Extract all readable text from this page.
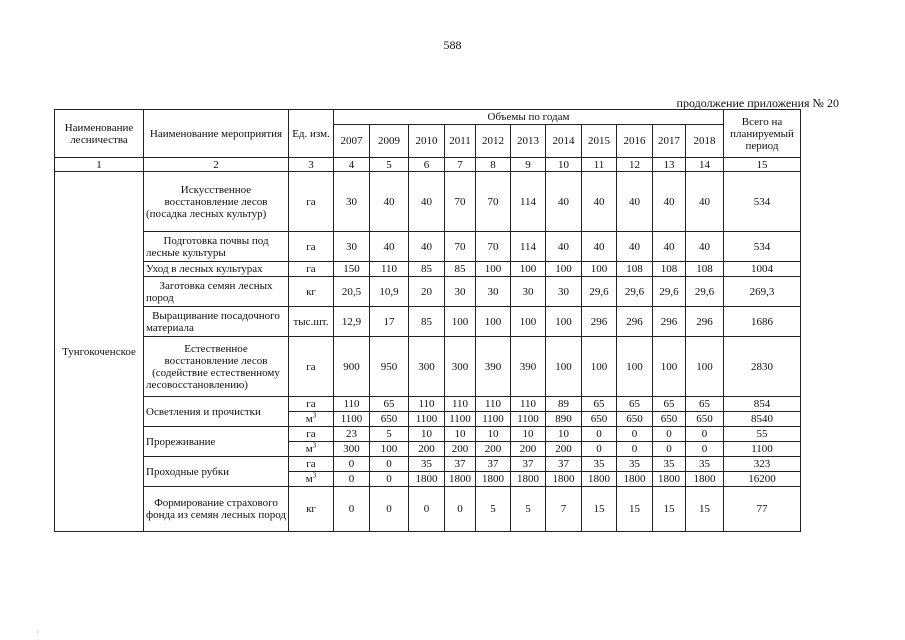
588
продолжение приложения № 20
Наименование лесничества	Наименование мероприятия	Ед. изм.	Объемы по годам											Всего на планируемый период
			2007	2009	2010	2011	2012	2013	2014	2015	2016	2017	2018	
1	2	3	4	5	6	7	8	9	10	11	12	13	14	15
Тунгокоченское	Искусственное восстановление лесов (посадка лесных культур)	га	30	40	40	70	70	114	40	40	40	40	40	534
	Подготовка почвы под лесные культуры	га	30	40	40	70	70	114	40	40	40	40	40	534
	Уход в лесных культурах	га	150	110	85	85	100	100	100	100	108	108	108	1004
	Заготовка семян лесных пород	кг	20,5	10,9	20	30	30	30	30	29,6	29,6	29,6	29,6	269,3
	Выращивание посадочного материала	тыс.шт.	12,9	17	85	100	100	100	100	296	296	296	296	1686
	Естественное восстановление лесов (содействие естественному лесовосстановлению)	га	900	950	300	300	390	390	100	100	100	100	100	2830
	Осветления и прочистки	га	110	65	110	110	110	110	89	65	65	65	65	854
		$м^3$	1100	650	1100	1100	1100	1100	890	650	650	650	650	8540
	Прореживание	га	23	5	10	10	10	10	10	0	0	0	0	55
		$м^3$	300	100	200	200	200	200	200	0	0	0	0	1100
	Проходные рубки	га	0	0	35	37	37	37	37	35	35	35	35	323
		$м^3$	0	0	1800	1800	1800	1800	1800	1800	1800	1800	1800	16200
	Формирование страхового фонда из семян лесных пород	кг	0	0	0	0	5	5	7	15	15	15	15	77
·
